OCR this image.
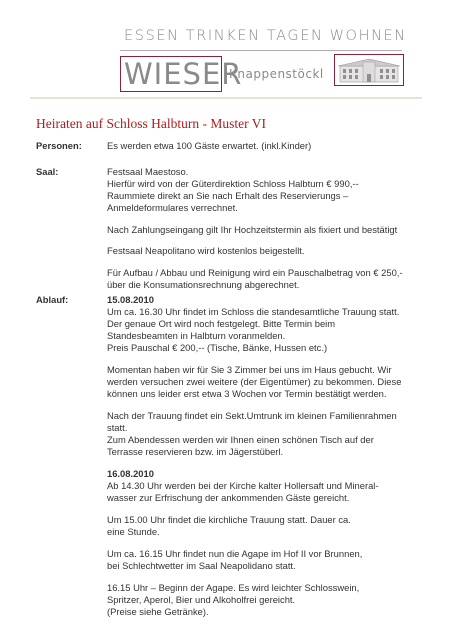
ESSEN TRINKEN TAGEN WOHNEN
WIESER
Knappenstöckl
Heiraten auf Schloss Halbturn - Muster VI
Personen:	Es werden etwa 100 Gäste erwartet. (inkl.Kinder)
Saal:	Festsaal Maestoso.
Hierfür wird von der Güterdirektion Schloss Halbturn € 990,--
Raummiete direkt an Sie nach Erhalt des Reservierungs –
Anmeldeformulares verrechnet.
Nach Zahlungseingang gilt Ihr Hochzeitstermin als fixiert und bestätigt
Festsaal Neapolitano wird kostenlos beigestellt.
Für Aufbau / Abbau und Reinigung wird ein Pauschalbetrag von € 250,-
über die Konsumationsrechnung abgerechnet.
Ablauf:	15.08.2010
Um ca. 16.30 Uhr findet im Schloss die standesamtliche Trauung statt.
Der genaue Ort wird noch festgelegt. Bitte Termin beim
Standesbeamten in Halbturn voranmelden.
Preis Pauschal € 200,-- (Tische, Bänke, Hussen etc.)
Momentan haben wir für Sie 3 Zimmer bei uns im Haus gebucht. Wir
werden versuchen zwei weitere (der Eigentümer) zu bekommen. Diese
können uns leider erst etwa 3 Wochen vor Termin bestätigt werden.
Nach der Trauung findet ein Sekt.Umtrunk im kleinen Familienrahmen
statt.
Zum Abendessen werden wir Ihnen einen schönen Tisch auf der
Terrasse reservieren bzw. im Jägerstüberl.
16.08.2010
Ab 14.30 Uhr werden bei der Kirche kalter Hollersaft und Mineral-
wasser zur Erfrischung der ankommenden Gäste gereicht.
Um 15.00 Uhr findet die kirchliche Trauung statt. Dauer ca.
eine Stunde.
Um ca. 16.15 Uhr findet nun die Agape im Hof II vor Brunnen,
bei Schlechtwetter im Saal Neapolidano statt.
16.15 Uhr – Beginn der Agape. Es wird leichter Schlosswein,
Spritzer, Aperol, Bier und Alkoholfrei gereicht.
(Preise siehe Getränke).
